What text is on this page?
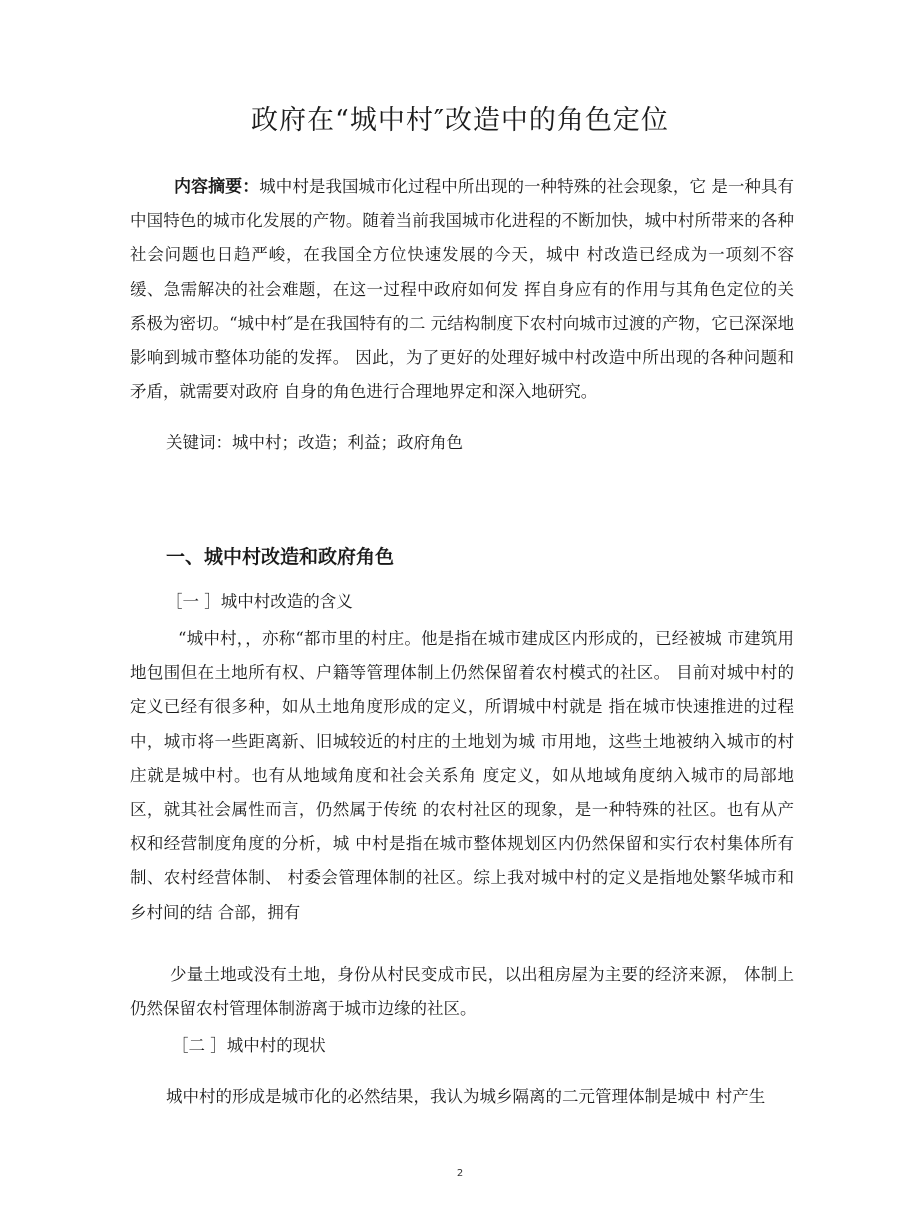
政府在“城中村″改造中的角色定位

内容摘要：城中村是我国城市化过程中所出现的一种特殊的社会现象，它 是一种具有中国特色的城市化发展的产物。随着当前我国城市化进程的不断加快，城中村所带来的各种社会问题也日趋严峻，在我国全方位快速发展的今天，城中 村改造已经成为一项刻不容缓、急需解决的社会难题，在这一过程中政府如何发 挥自身应有的作用与其角色定位的关系极为密切。“城中村″是在我国特有的二 元结构制度下农村向城市过渡的产物，它已深深地影响到城市整体功能的发挥。 因此，为了更好的处理好城中村改造中所出现的各种问题和矛盾，就需要对政府 自身的角色进行合理地界定和深入地研究。

关键词：城中村；改造；利益；政府角色

一、城中村改造和政府角色
［一 ］城中村改造的含义

“城中村，，亦称“都市里的村庄。他是指在城市建成区内形成的，已经被城 市建筑用地包围但在土地所有权、户籍等管理体制上仍然保留着农村模式的社区。 目前对城中村的定义已经有很多种，如从土地角度形成的定义，所谓城中村就是 指在城市快速推进的过程中，城市将一些距离新、旧城较近的村庄的土地划为城 市用地，这些土地被纳入城市的村庄就是城中村。也有从地域角度和社会关系角 度定义，如从地域角度纳入城市的局部地区，就其社会属性而言，仍然属于传统 的农村社区的现象，是一种特殊的社区。也有从产权和经营制度角度的分析，城 中村是指在城市整体规划区内仍然保留和实行农村集体所有制、农村经营体制、 村委会管理体制的社区。综上我对城中村的定义是指地处繁华城市和乡村间的结 合部，拥有

少量土地或没有土地，身份从村民变成市民，以出租房屋为主要的经济来源， 体制上仍然保留农村管理体制游离于城市边缘的社区。

［二 ］城中村的现状

城中村的形成是城市化的必然结果，我认为城乡隔离的二元管理体制是城中 村产生

2
